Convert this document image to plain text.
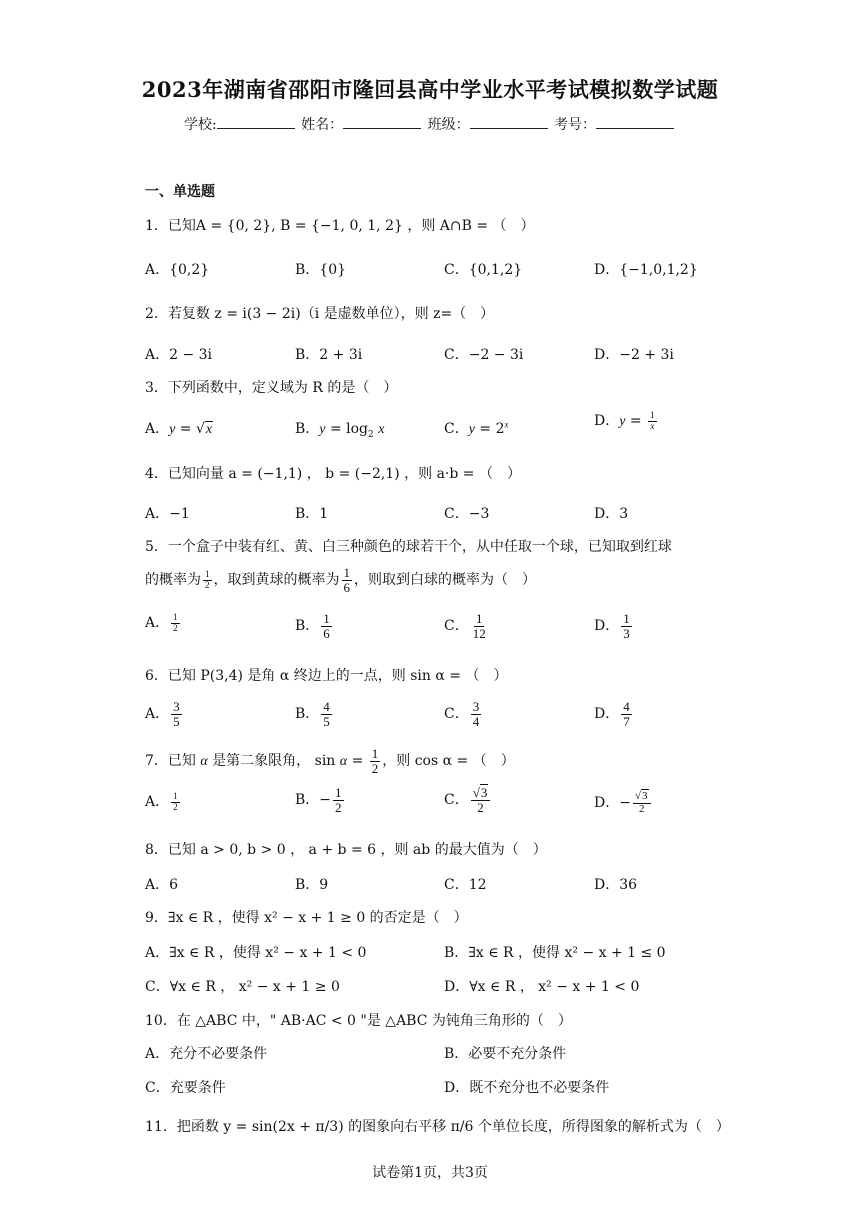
2023年湖南省邵阳市隆回县高中学业水平考试模拟数学试题
学校:	姓名：	班级：	考号：
一、单选题
1．已知A = {0, 2}, B = {−1, 0, 1, 2} ，则 A∩B = （　）
A．{0,2}	B．{0}	C．{0,1,2}	D．{−1,0,1,2}
2．若复数 z = i(3 − 2i)（i 是虚数单位），则 z=（　）
A．2 − 3i	B．2 + 3i	C．−2 − 3i	D．−2 + 3i
3．下列函数中，定义域为 R 的是（　）
A．y = √x	B．$y = \log_2 x$	C．$y = 2^x$	D．$y = \frac{1}{x}$
4．已知向量 a = (−1,1) ， b = (−2,1) ，则 a·b = （　）
A．−1	B．1	C．−3	D．3
5．一个盒子中装有红、黄、白三种颜色的球若干个，从中任取一个球，已知取到红球
的概率为 $\frac{1}{2}$ ，取到黄球的概率为 $\frac{1}{6}$ ，则取到白球的概率为（　）
A． $\frac{1}{2}$	B． $\frac{1}{6}$	C． $\frac{1}{12}$	D． $\frac{1}{3}$
6．已知 P(3,4) 是角 α 终边上的一点，则 sin α = （　）
A． $\frac{3}{5}$	B． $\frac{4}{5}$	C． $\frac{3}{4}$	D． $\frac{4}{7}$
7．已知 α 是第二象限角， $\sin \alpha = \frac{1}{2}$ ，则 cos α = （　）
A． $\frac{1}{2}$	B．− $\frac{1}{2}$	C． $\frac{√3}{2}$	D．− $\frac{√3}{2}$
8．已知 a > 0, b > 0 ， a + b = 6 ，则 ab 的最大值为（　）
A．6	B．9	C．12	D．36
9．∃x ∈ R ，使得 x² − x + 1 ≥ 0 的否定是（　）
A．∃x ∈ R ，使得 x² − x + 1 < 0	B．∃x ∈ R ，使得 x² − x + 1 ≤ 0
C．∀x ∈ R ， x² − x + 1 ≥ 0	D．∀x ∈ R ， x² − x + 1 < 0
10．在 △ABC 中，" AB·AC < 0 "是 △ABC 为钝角三角形的（　）
A．充分不必要条件	B．必要不充分条件
C．充要条件	D．既不充分也不必要条件
11．把函数 y = sin(2x + π/3) 的图象向右平移 π/6 个单位长度，所得图象的解析式为（　）
试卷第1页，共3页
